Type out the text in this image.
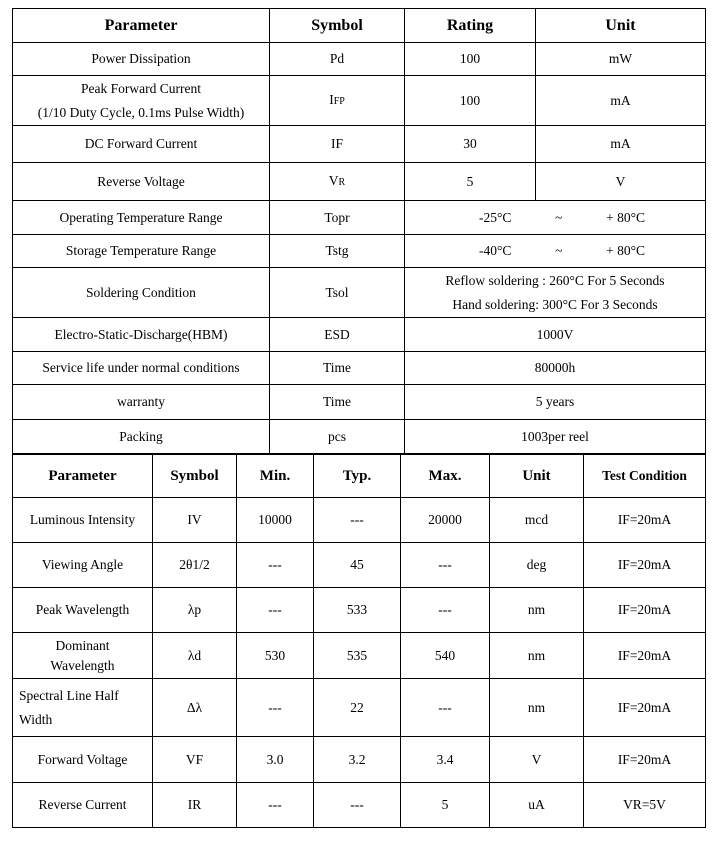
Parameter	Symbol	Rating	Unit
Power Dissipation	Pd	100	mW

Peak Forward Current
(1/10 Duty Cycle, 0.1ms Pulse Width)	IFP	100	mA
DC Forward Current	IF	30	mA
Reverse Voltage	VR	5	V
Operating Temperature Range	Topr	-25°C ~ + 80°C	

Storage Temperature Range	Tstg	-40°C ~ + 80°C	

Soldering Condition	Tsol	Reflow soldering : 260°C For 5 Seconds
Hand soldering: 300°C For 3 Seconds	

Electro-Static-Discharge(HBM)	ESD	1000V	
Service life under normal conditions	Time	80000h	
warranty	Time	5 years	
Packing	pcs	1003per reel	
Parameter	Symbol	Min.	Typ.	Max.	Unit	Test Condition
Luminous Intensity	IV	10000	---	20000	mcd	IF=20mA
Viewing Angle	2θ1/2	---	45	---	deg	IF=20mA
Peak Wavelength	λp	---	533	---	nm	IF=20mA

Dominant
Wavelength	λd	530	535	540	nm	IF=20mA

Spectral Line Half
Width	Δλ	---	22	---	nm	IF=20mA
Forward Voltage	VF	3.0	3.2	3.4	V	IF=20mA
Reverse Current	IR	---	---	5	uA	VR=5V
